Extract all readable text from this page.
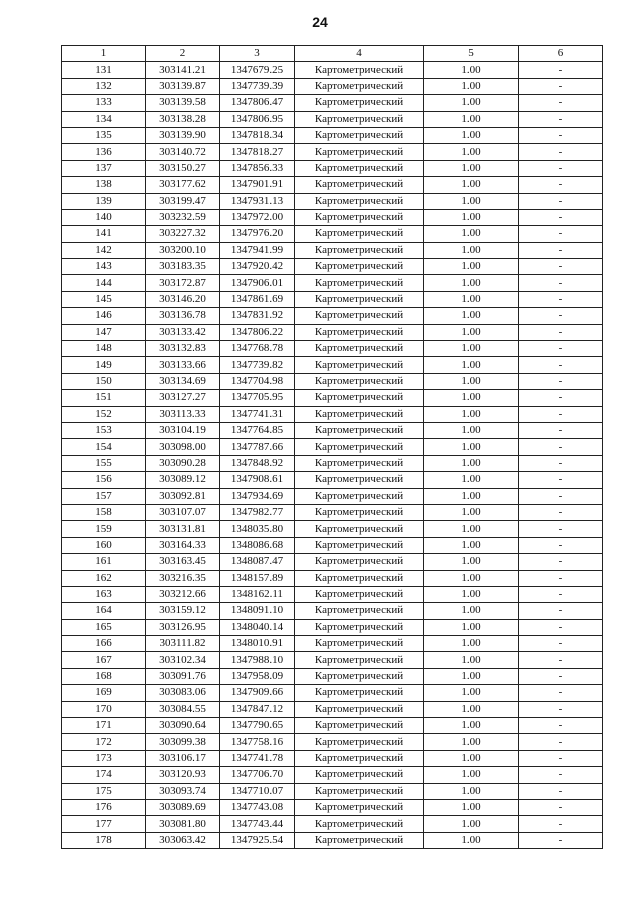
24
1	2	3	4	5	6
131	303141.21	1347679.25	Картометрический	1.00	-
132	303139.87	1347739.39	Картометрический	1.00	-
133	303139.58	1347806.47	Картометрический	1.00	-
134	303138.28	1347806.95	Картометрический	1.00	-
135	303139.90	1347818.34	Картометрический	1.00	-
136	303140.72	1347818.27	Картометрический	1.00	-
137	303150.27	1347856.33	Картометрический	1.00	-
138	303177.62	1347901.91	Картометрический	1.00	-
139	303199.47	1347931.13	Картометрический	1.00	-
140	303232.59	1347972.00	Картометрический	1.00	-
141	303227.32	1347976.20	Картометрический	1.00	-
142	303200.10	1347941.99	Картометрический	1.00	-
143	303183.35	1347920.42	Картометрический	1.00	-
144	303172.87	1347906.01	Картометрический	1.00	-
145	303146.20	1347861.69	Картометрический	1.00	-
146	303136.78	1347831.92	Картометрический	1.00	-
147	303133.42	1347806.22	Картометрический	1.00	-
148	303132.83	1347768.78	Картометрический	1.00	-
149	303133.66	1347739.82	Картометрический	1.00	-
150	303134.69	1347704.98	Картометрический	1.00	-
151	303127.27	1347705.95	Картометрический	1.00	-
152	303113.33	1347741.31	Картометрический	1.00	-
153	303104.19	1347764.85	Картометрический	1.00	-
154	303098.00	1347787.66	Картометрический	1.00	-
155	303090.28	1347848.92	Картометрический	1.00	-
156	303089.12	1347908.61	Картометрический	1.00	-
157	303092.81	1347934.69	Картометрический	1.00	-
158	303107.07	1347982.77	Картометрический	1.00	-
159	303131.81	1348035.80	Картометрический	1.00	-
160	303164.33	1348086.68	Картометрический	1.00	-
161	303163.45	1348087.47	Картометрический	1.00	-
162	303216.35	1348157.89	Картометрический	1.00	-
163	303212.66	1348162.11	Картометрический	1.00	-
164	303159.12	1348091.10	Картометрический	1.00	-
165	303126.95	1348040.14	Картометрический	1.00	-
166	303111.82	1348010.91	Картометрический	1.00	-
167	303102.34	1347988.10	Картометрический	1.00	-
168	303091.76	1347958.09	Картометрический	1.00	-
169	303083.06	1347909.66	Картометрический	1.00	-
170	303084.55	1347847.12	Картометрический	1.00	-
171	303090.64	1347790.65	Картометрический	1.00	-
172	303099.38	1347758.16	Картометрический	1.00	-
173	303106.17	1347741.78	Картометрический	1.00	-
174	303120.93	1347706.70	Картометрический	1.00	-
175	303093.74	1347710.07	Картометрический	1.00	-
176	303089.69	1347743.08	Картометрический	1.00	-
177	303081.80	1347743.44	Картометрический	1.00	-
178	303063.42	1347925.54	Картометрический	1.00	-
